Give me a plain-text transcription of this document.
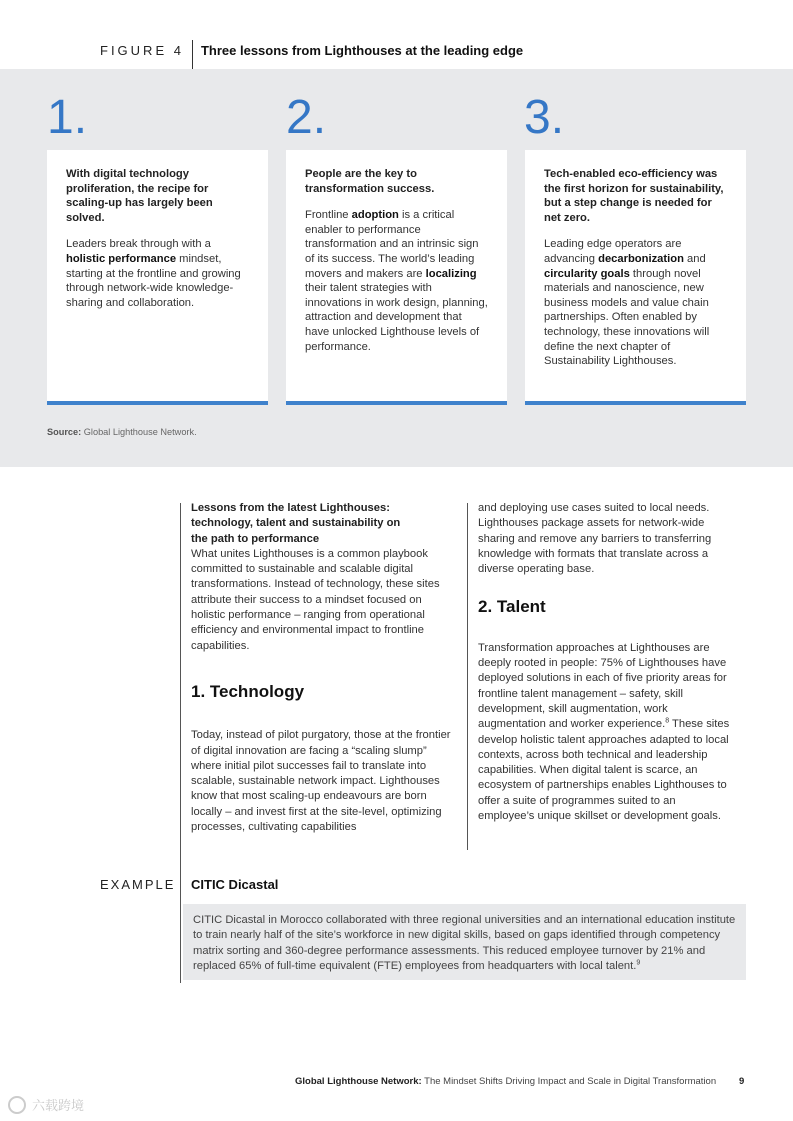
FIGURE 4	Three lessons from Lighthouses at the leading edge
1.	2.	3.

With digital technology proliferation, the recipe for scaling-up has largely been solved.

Leaders break through with a holistic performance mindset, starting at the frontline and growing through network-wide knowledge-sharing and collaboration.

People are the key to transformation success.

Frontline adoption is a critical enabler to performance transformation and an intrinsic sign of its success. The world’s leading movers and makers are localizing their talent strategies with innovations in work design, planning, attraction and development that have unlocked Lighthouse levels of performance.

Tech-enabled eco-efficiency was the first horizon for sustainability, but a step change is needed for net zero.

Leading edge operators are advancing decarbonization and circularity goals through novel materials and nanoscience, new business models and value chain partnerships. Often enabled by technology, these innovations will define the next chapter of Sustainability Lighthouses.

Source: Global Lighthouse Network.

Lessons from the latest Lighthouses: technology, talent and sustainability on the path to performance

What unites Lighthouses is a common playbook committed to sustainable and scalable digital transformations. Instead of technology, these sites attribute their success to a mindset focused on holistic performance – ranging from operational efficiency and environmental impact to frontline capabilities.

1. Technology

Today, instead of pilot purgatory, those at the frontier of digital innovation are facing a “scaling slump” where initial pilot successes fail to translate into scalable, sustainable network impact. Lighthouses know that most scaling-up endeavours are born locally – and invest first at the site-level, optimizing processes, cultivating capabilities

and deploying use cases suited to local needs. Lighthouses package assets for network-wide sharing and remove any barriers to transferring knowledge with formats that translate across a diverse operating base.

2. Talent

Transformation approaches at Lighthouses are deeply rooted in people: 75% of Lighthouses have deployed solutions in each of five priority areas for frontline talent management – safety, skill development, skill augmentation, work augmentation and worker experience.$^8$ These sites develop holistic talent approaches adapted to local contexts, across both technical and leadership capabilities. When digital talent is scarce, an ecosystem of partnerships enables Lighthouses to offer a suite of programmes suited to an employee’s unique skillset or development goals.

EXAMPLE CITIC Dicastal
CITIC Dicastal in Morocco collaborated with three regional universities and an international education institute to train nearly half of the site’s workforce in new digital skills, based on gaps identified through competency matrix sorting and 360-degree performance assessments. This reduced employee turnover by 21% and replaced 65% of full-time equivalent (FTE) employees from headquarters with local talent.$^9$
Global Lighthouse Network: The Mindset Shifts Driving Impact and Scale in Digital Transformation 9
六载跨境
